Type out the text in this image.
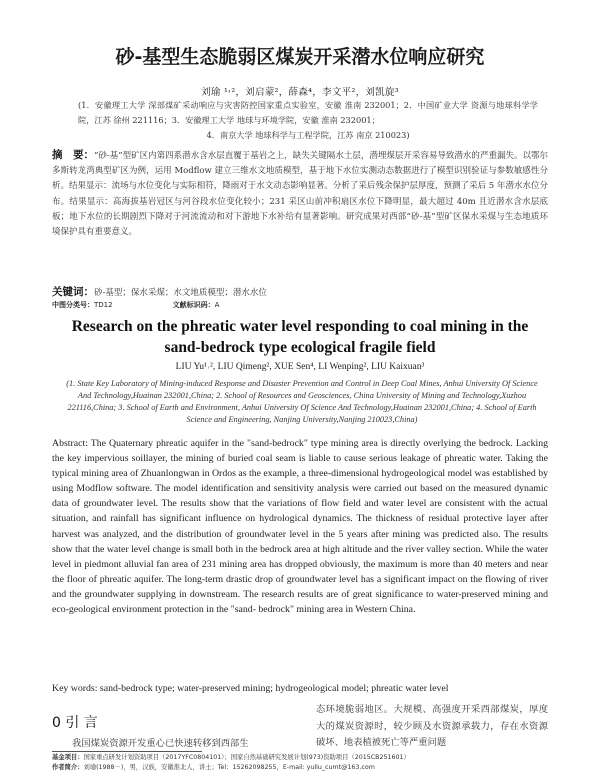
砂-基型生态脆弱区煤炭开采潜水位响应研究
刘瑜 ¹˒²，刘启蒙²，薛森⁴，李文平²，刘凯旋³
(1．安徽理工大学 深部煤矿采动响应与灾害防控国家重点实验室，安徽 淮南 232001；2．中国矿业大学 资源与地球科学学院，江苏 徐州 221116；3．安徽理工大学 地球与环境学院，安徽 淮南 232001；
4．南京大学 地球科学与工程学院，江苏 南京 210023)
摘　要：“砂-基”型矿区内第四系潜水含水层直覆于基岩之上，缺失关键隔水土层，潜埋煤层开采容易导致潜水的严重漏失。以鄂尔多斯转龙湾典型矿区为例，运用 Modflow 建立三维水文地质模型，基于地下水位实测动态数据进行了模型识别验证与参数敏感性分析。结果显示：流场与水位变化与实际相符，降雨对于水文动态影响显著。分析了采后残余保护层厚度，预测了采后 5 年潜水水位分布。结果显示：高海拔基岩冠区与河谷段水位变化较小；231 采区山前冲积扇区水位下降明显，最大超过 40m 且近潜水含水层底板；地下水位的长期剧烈下降对于河流流动和对下游地下水补给有显著影响。研究成果对西部“砂-基”型矿区保水采煤与生态地质环境保护具有重要意义。
关键词：砂-基型；保水采煤；水文地质模型；潜水水位
中图分类号：TD12	文献标识码：A
Research on the phreatic water level responding to coal mining in the sand-bedrock type ecological fragile field
LIU Yu¹˒², LIU Qimeng², XUE Sen⁴, LI Wenping², LIU Kaixuan³
(1. State Key Laboratory of Mining-induced Response and Disaster Prevention and Control in Deep Coal Mines, Anhui University Of Science And Technology,Huainan 232001,China; 2. School of Resources and Geosciences, China University of Mining and Technology,Xuzhou 221116,China; 3. School of Earth and Environment, Anhui University Of Science And Technology,Huainan 232001,China; 4. School of Earth Science and Engineering, Nanjing University,Nanjing 210023,China)
Abstract: The Quaternary phreatic aquifer in the "sand-bedrock" type mining area is directly overlying the bedrock. Lacking the key impervious soillayer, the mining of buried coal seam is liable to cause serious leakage of phreatic water. Taking the typical mining area of Zhuanlongwan in Ordos as the example, a three-dimensional hydrogeological model was established by using Modflow software. The model identification and sensitivity analysis were carried out based on the measured dynamic data of groundwater level. The results show that the variations of flow field and water level are consistent with the actual situation, and rainfall has significant influence on hydrological dynamics. The thickness of residual protective layer after harvest was analyzed, and the distribution of groundwater level in the 5 years after mining was predicted also. The results show that the water level change is small both in the bedrock area at high altitude and the river valley section. While the water level in piedmont alluvial fan area of 231 mining area has dropped obviously, the maximum is more than 40 meters and near the floor of phreatic aquifer. The long-term drastic drop of groundwater level has a significant impact on the flowing of river and the groundwater supplying in downstream. The research results are of great significance to water-preserved mining and eco-geological environment protection in the "sand- bedrock" mining area in Western China.
Key words: sand-bedrock type; water-preserved mining; hydrogeological model; phreatic water level
0 引 言
我国煤炭资源开发重心已快速转移到西部生
态环境脆弱地区。大规模、高强度开采西部煤炭，厚度大的煤炭资源时，较少顾及水资源承载力，存在水资源破坏、地表植被死亡等严重问题
基金项目：国家重点研发计划资助项目（2017YFC0804101）；国家自然基础研究发展计划(973)资助项目（2015CB251601）
作者简介：刘瑜(1988－)，男，汉族，安徽淮北人，讲士；Tel：15262098255，E-mail: yuliu_cumt@163.com
